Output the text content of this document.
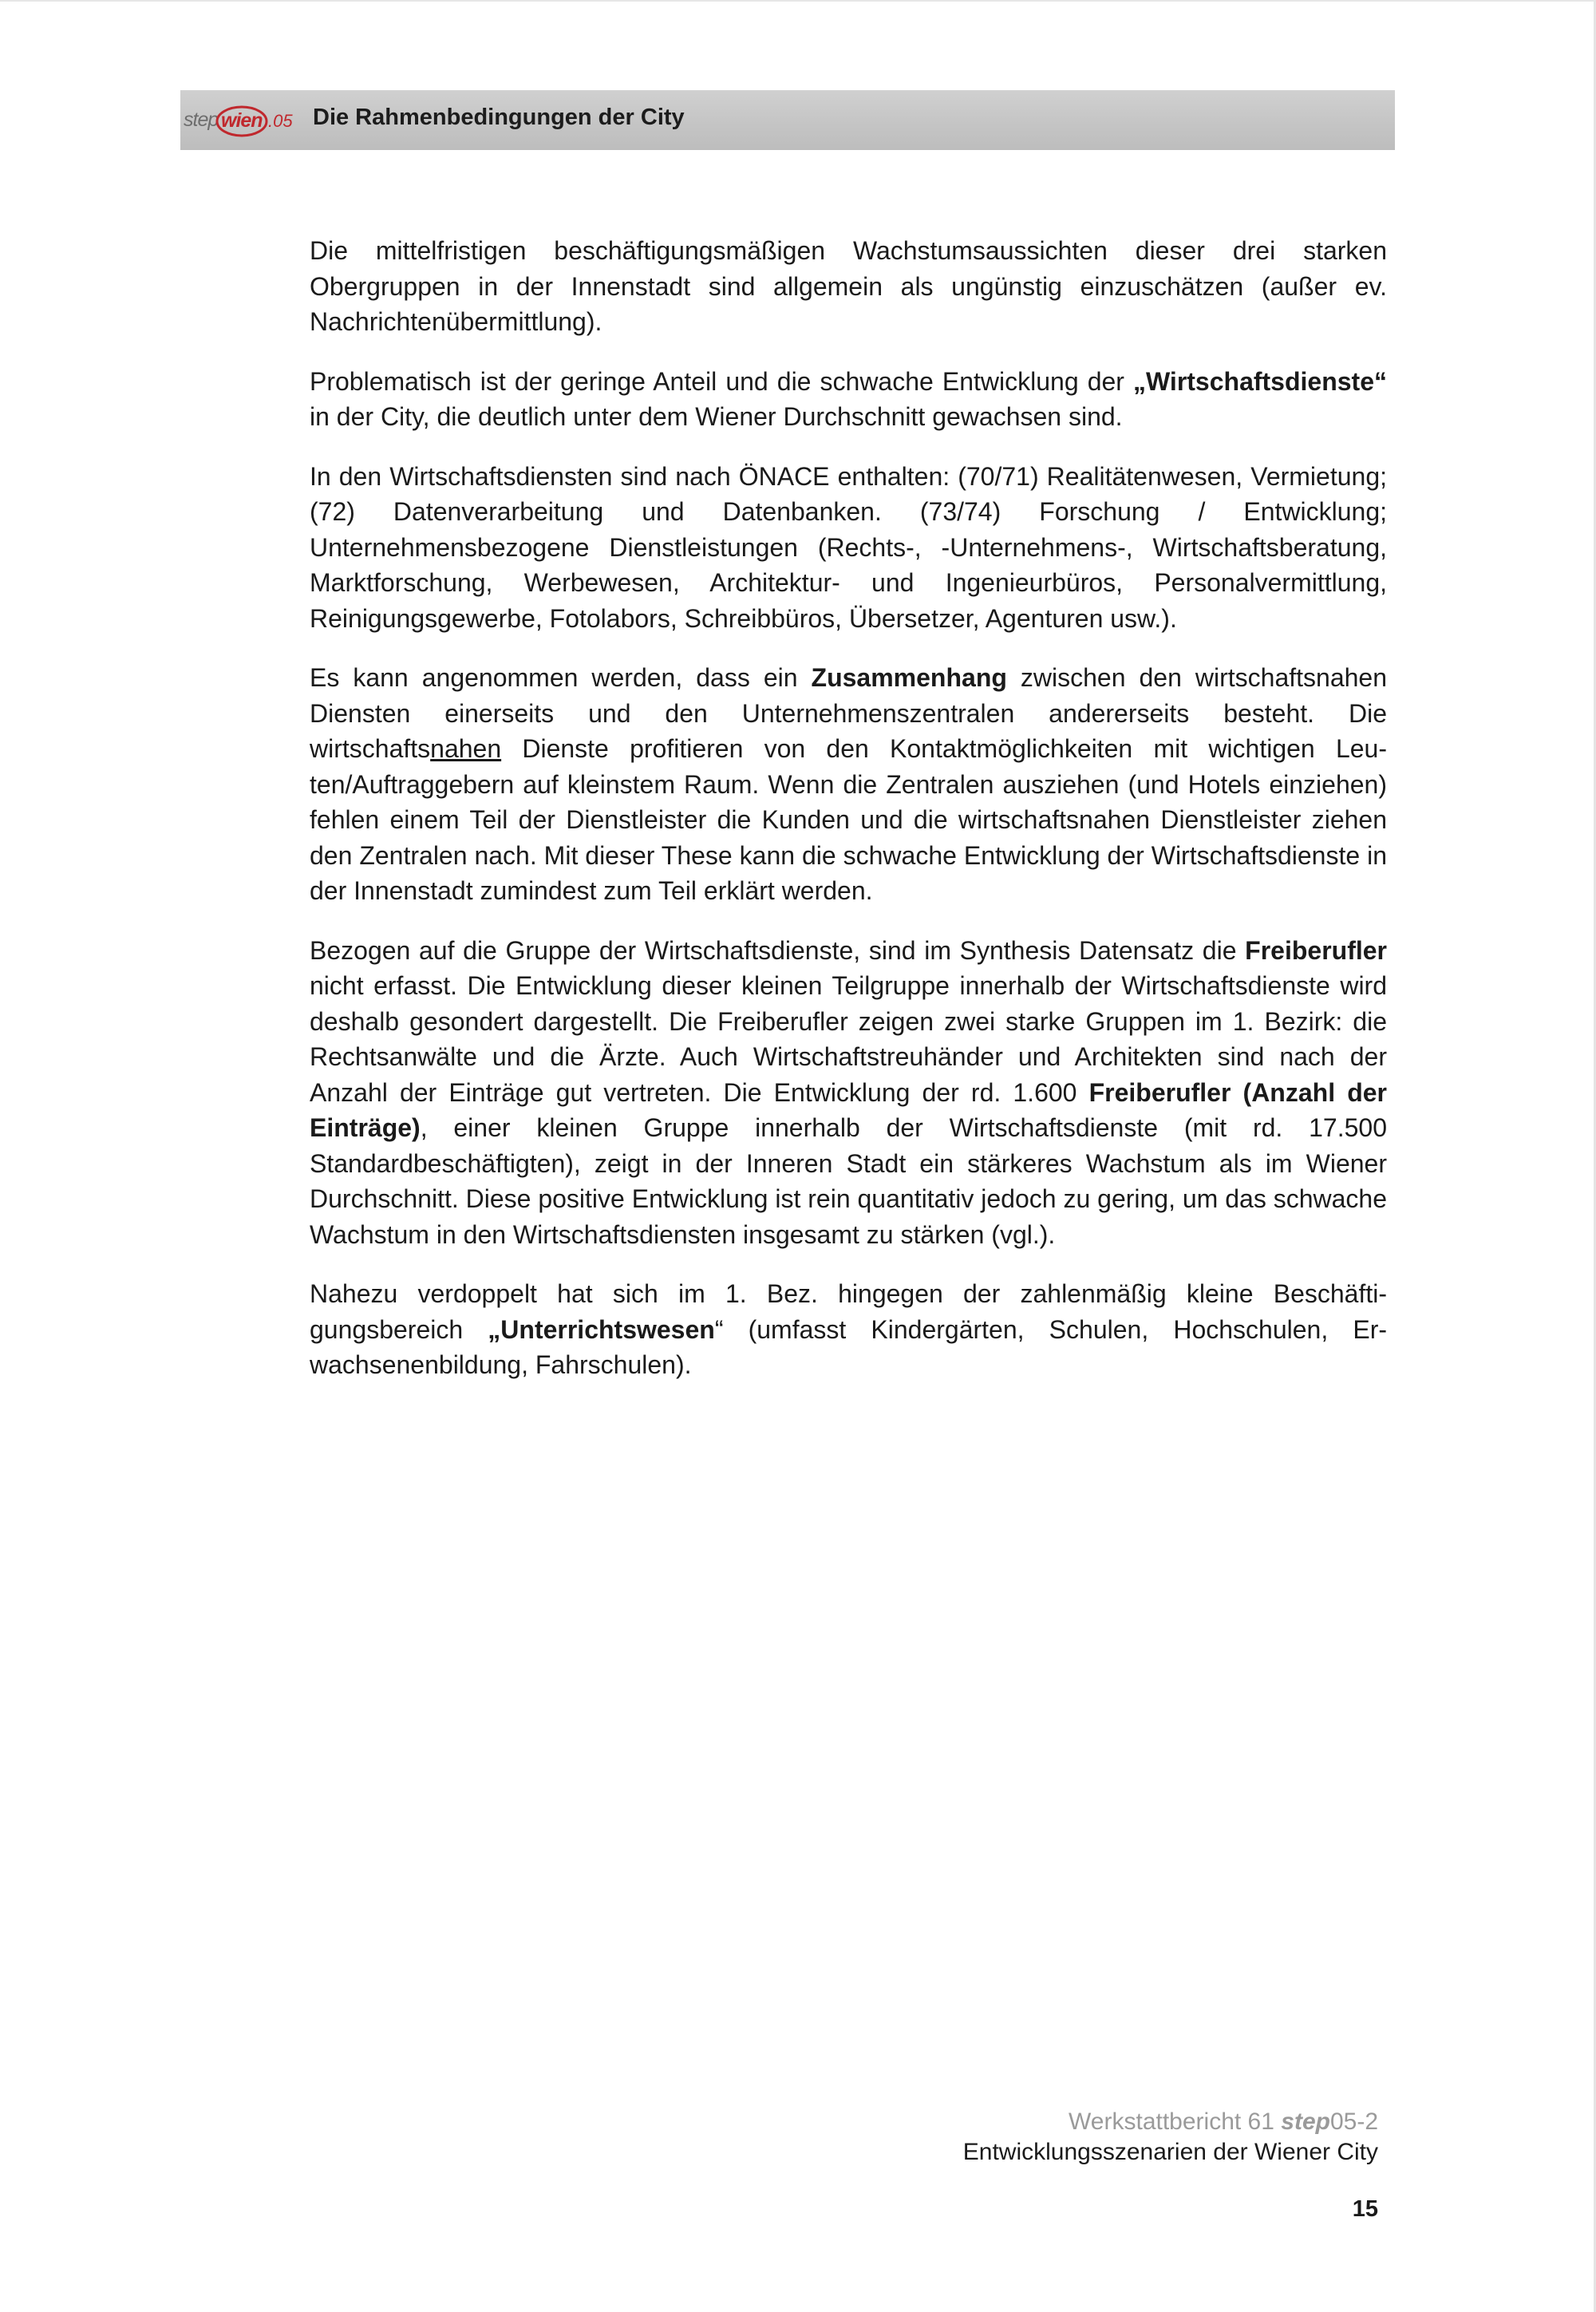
step wien .05 Die Rahmenbedingungen der City

Die mittelfristigen beschäftigungsmäßigen Wachstumsaussichten dieser drei starken Obergruppen in der Innenstadt sind allgemein als ungünstig einzuschätzen (außer ev. Nachrichtenübermittlung).

Problematisch ist der geringe Anteil und die schwache Entwicklung der „Wirtschaftsdienste“ in der City, die deutlich unter dem Wiener Durchschnitt gewachsen sind.

In den Wirtschaftsdiensten sind nach ÖNACE enthalten: (70/71) Realitätenwesen, Vermietung; (72) Datenverarbeitung und Datenbanken. (73/74) Forschung / Entwicklung; Unternehmensbezogene Dienstleistungen (Rechts-, -Unternehmens-, Wirtschaftsberatung, Marktforschung, Werbewesen, Architektur- und Ingenieurbüros, Personalvermittlung, Reinigungsgewerbe, Fotolabors, Schreibbüros, Übersetzer, Agenturen usw.).

Es kann angenommen werden, dass ein Zusammenhang zwischen den wirtschaftsnahen Diensten einerseits und den Unternehmenszentralen andererseits besteht. Die wirtschaftsnahen Dienste profitieren von den Kontaktmöglichkeiten mit wichtigen Leuten/Auftraggebern auf kleinstem Raum. Wenn die Zentralen ausziehen (und Hotels einziehen) fehlen einem Teil der Dienstleister die Kunden und die wirtschaftsnahen Dienstleister ziehen den Zentralen nach. Mit dieser These kann die schwache Entwicklung der Wirtschaftsdienste in der Innenstadt zumindest zum Teil erklärt werden.

Bezogen auf die Gruppe der Wirtschaftsdienste, sind im Synthesis Datensatz die Freiberufler nicht erfasst. Die Entwicklung dieser kleinen Teilgruppe innerhalb der Wirtschaftsdienste wird deshalb gesondert dargestellt. Die Freiberufler zeigen zwei starke Gruppen im 1. Bezirk: die Rechtsanwälte und die Ärzte. Auch Wirtschaftstreuhänder und Architekten sind nach der Anzahl der Einträge gut vertreten. Die Entwicklung der rd. 1.600 Freiberufler (Anzahl der Einträge), einer kleinen Gruppe innerhalb der Wirtschaftsdienste (mit rd. 17.500 Standardbeschäftigten), zeigt in der Inneren Stadt ein stärkeres Wachstum als im Wiener Durchschnitt. Diese positive Entwicklung ist rein quantitativ jedoch zu gering, um das schwache Wachstum in den Wirtschaftsdiensten insgesamt zu stärken (vgl.).

Nahezu verdoppelt hat sich im 1. Bez. hingegen der zahlenmäßig kleine Beschäftigungsbereich „Unterrichtswesen“ (umfasst Kindergärten, Schulen, Hochschulen, Erwachsenenbildung, Fahrschulen).

Werkstattbericht 61 step05-2
Entwicklungsszenarien der Wiener City
15
